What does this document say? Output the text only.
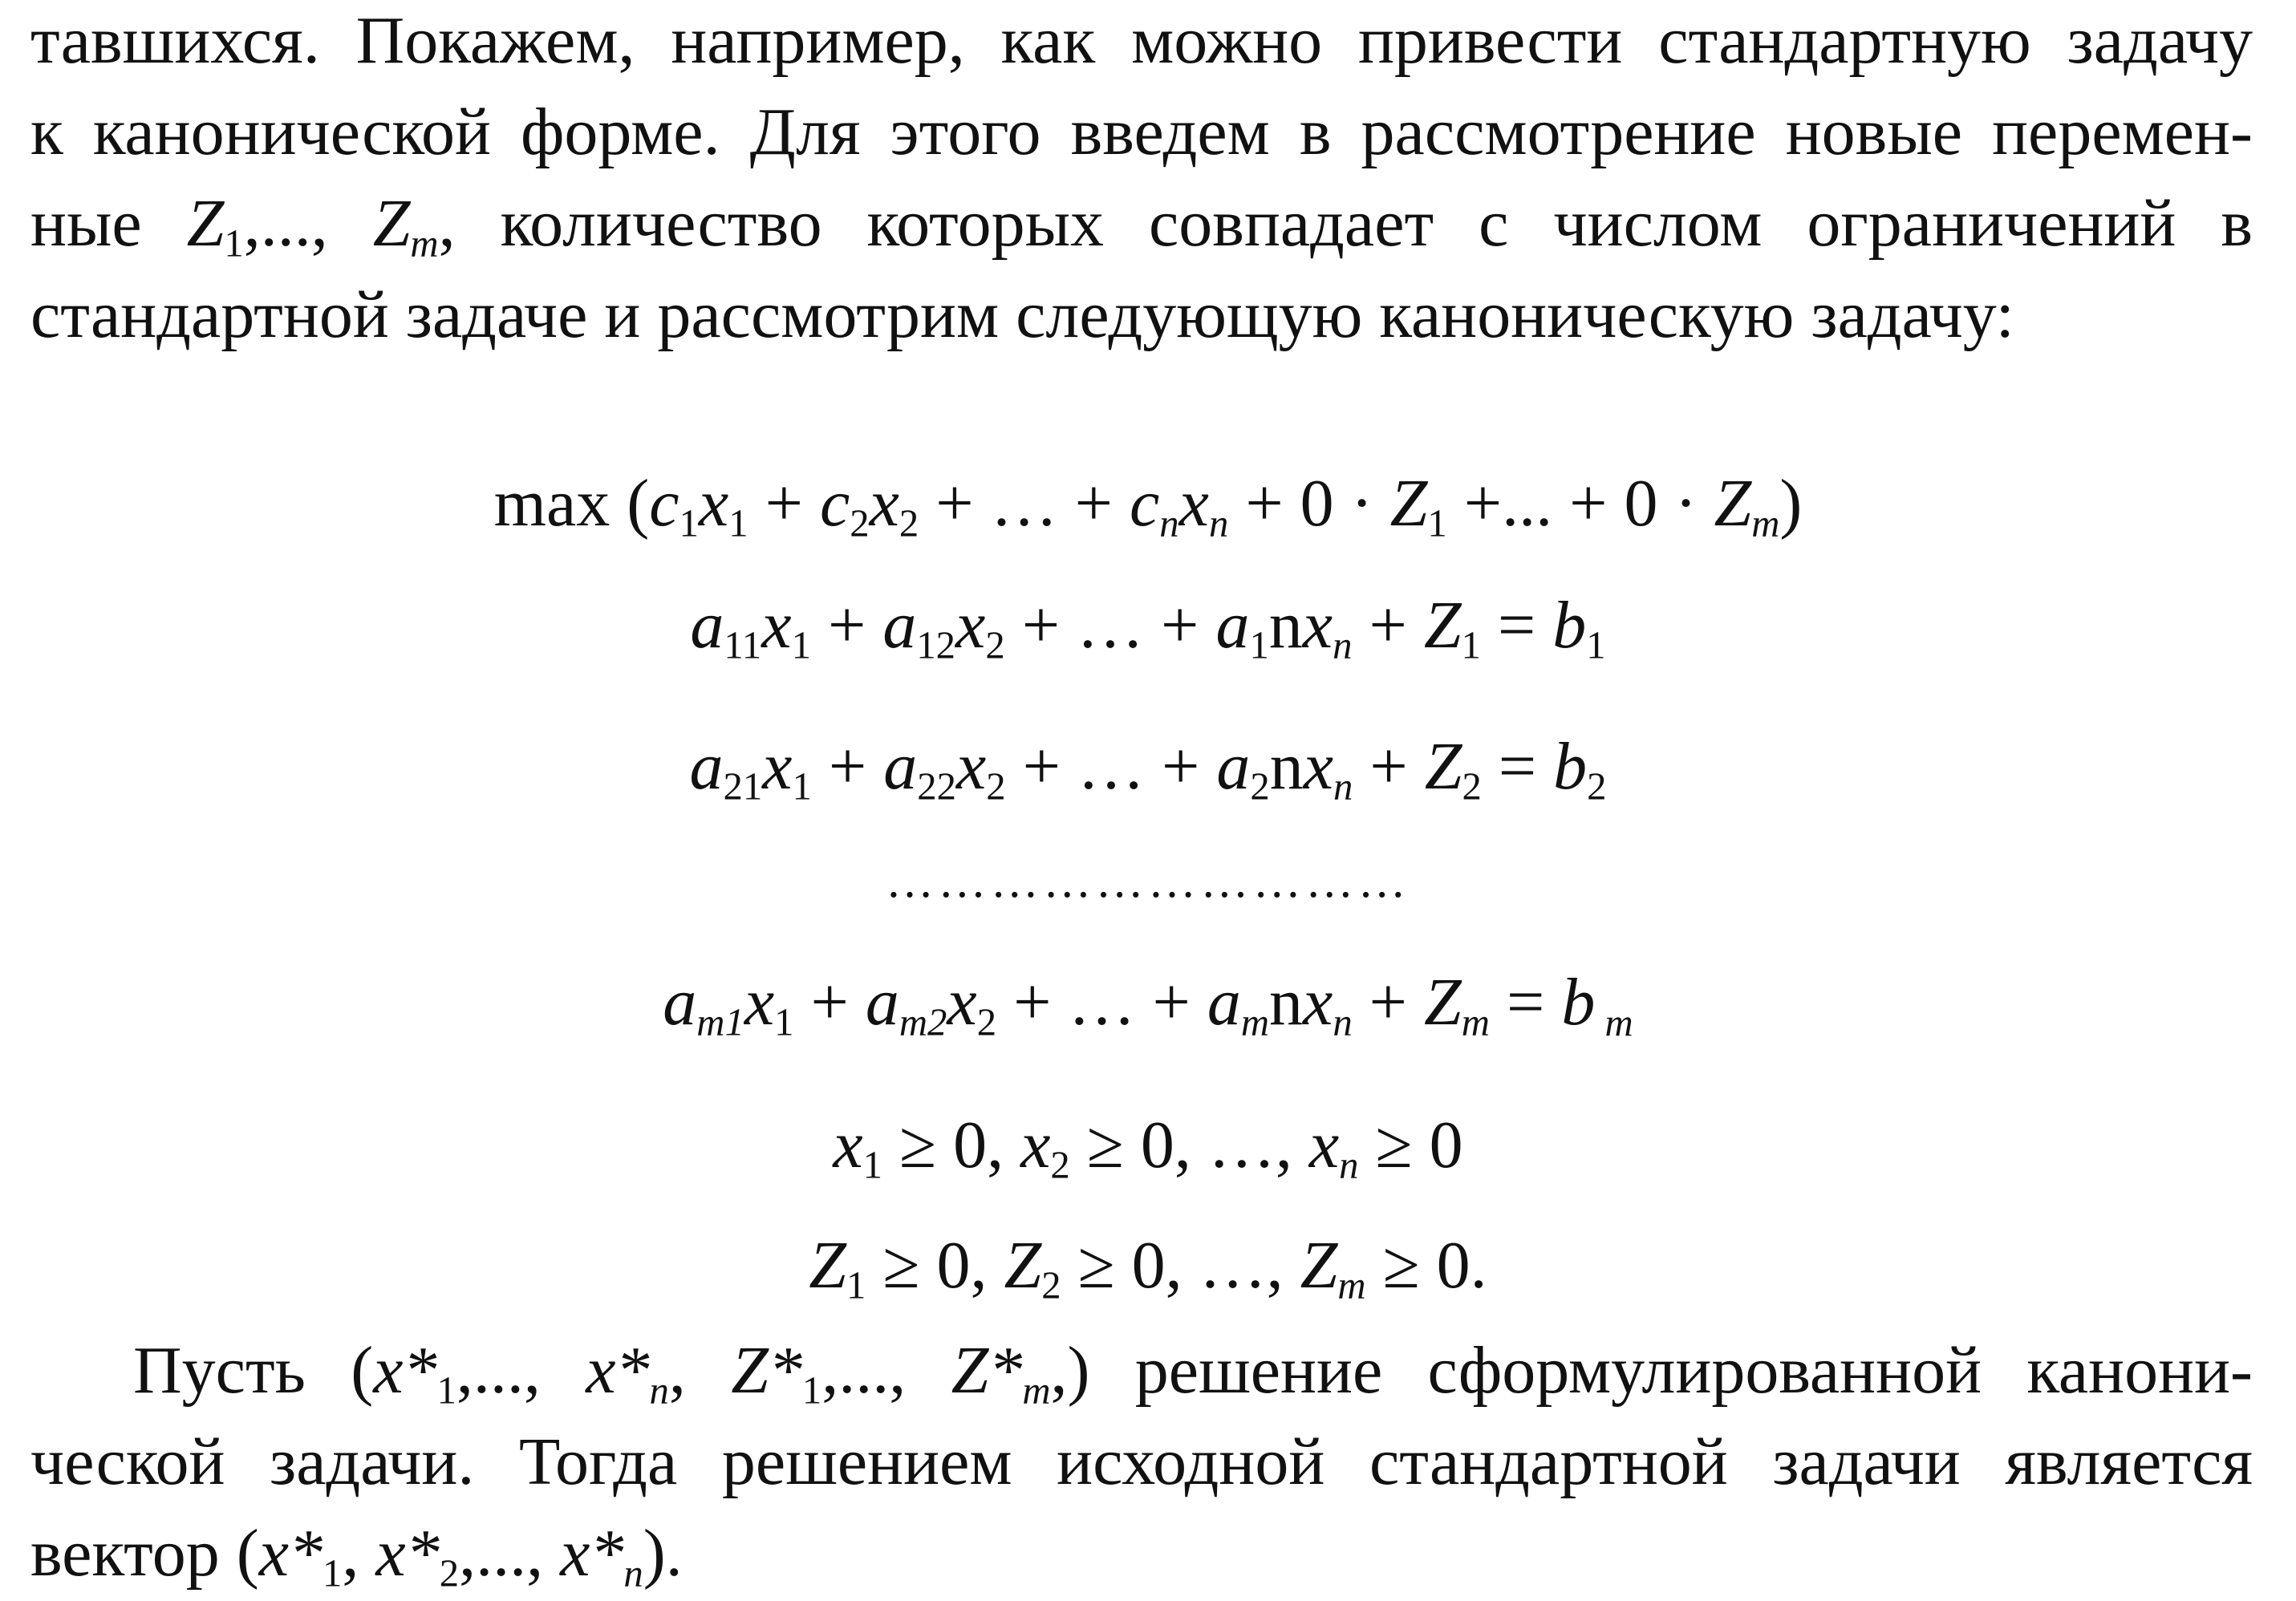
тавшихся. Покажем, например, как можно привести стандартную задачу
к канонической форме. Для этого введем в рассмотрение новые перемен-
ные $Z_1$,..., $Z_m$, количество которых совпадает с числом ограничений в
стандартной задаче и рассмотрим следующую каноническую задачу:
$\max (c_1x_1 + c_2x_2$ + … + $c_nx_n + 0 \cdot Z_1$ +... + $0 \cdot Z_m$)
$a_{11}x_1 + a_{12}x_2$ + … + $a_1nx_n + Z_1 = b_1$
$a_{21}x_1 + a_{22}x_2$ + … + $a_2nx_n + Z_2 = b_2$
…………………………
$a_{m1}x_1 + a_{m2}x_2$ + … + $a_mnx_n + Z_m = b$ $_m$
$x_1 \ge 0$, $x_2 \ge 0$, …, $x_n \ge 0$
$Z_1 \ge 0$, $Z_2 \ge 0$, …, $Z_m \ge 0$.
Пусть ($x*_1$,..., $x*_n$, $Z*_1$,..., $Z*_m$,) решение сформулированной канони-
ческой задачи. Тогда решением исходной стандартной задачи является
вектор ($x*_1$, $x*_2$,..., $x*_n$).
